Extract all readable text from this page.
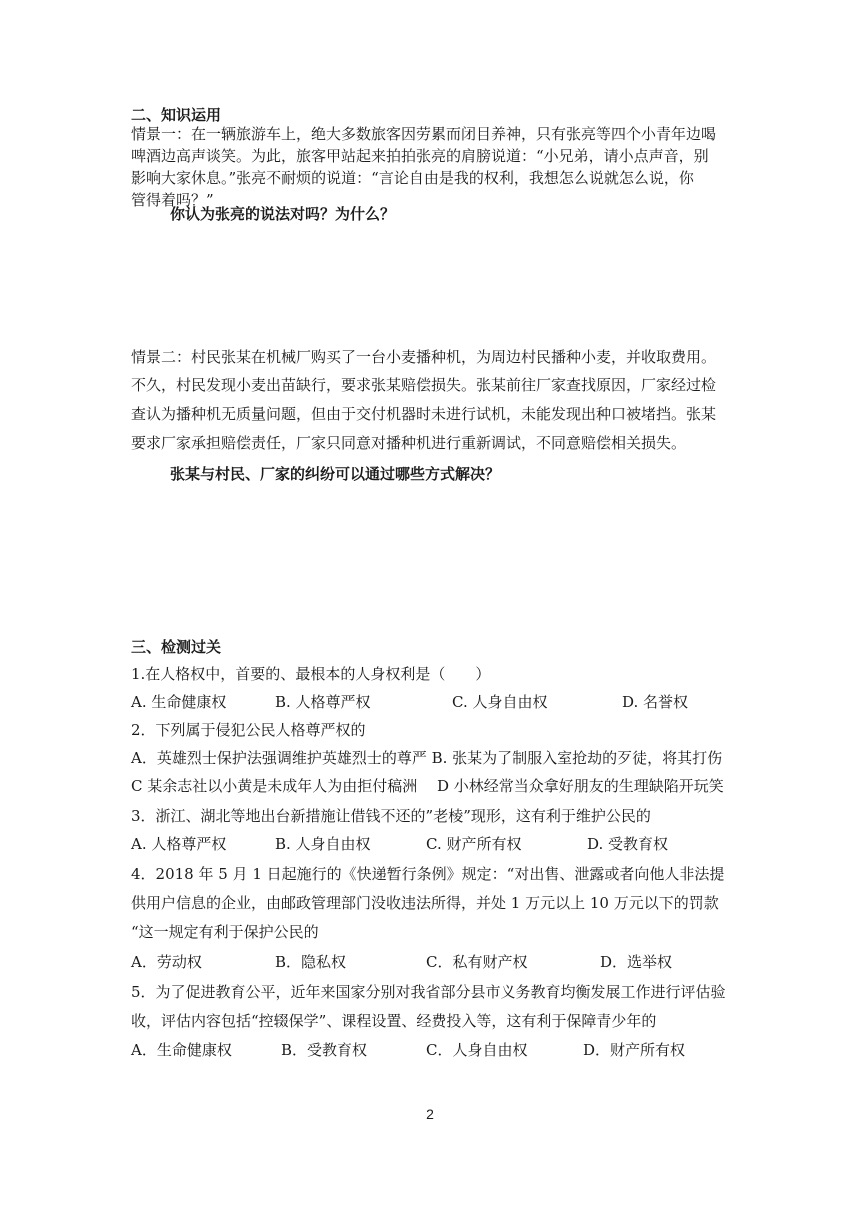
二、知识运用
情景一：在一辆旅游车上，绝大多数旅客因劳累而闭目养神，只有张亮等四个小青年边喝
啤酒边高声谈笑。为此，旅客甲站起来拍拍张亮的肩膀说道：“小兄弟，请小点声音，别
影响大家休息。”张亮不耐烦的说道：“言论自由是我的权利，我想怎么说就怎么说，你
管得着吗？”
你认为张亮的说法对吗？为什么？
情景二：村民张某在机械厂购买了一台小麦播种机，为周边村民播种小麦，并收取费用。
不久，村民发现小麦出苗缺行，要求张某赔偿损失。张某前往厂家查找原因，厂家经过检
查认为播种机无质量问题，但由于交付机器时未进行试机，未能发现出种口被堵挡。张某
要求厂家承担赔偿责任，厂家只同意对播种机进行重新调试，不同意赔偿相关损失。
张某与村民、厂家的纠纷可以通过哪些方式解决？
三、检测过关
1.在人格权中，首要的、最根本的人身权利是（　　）
A. 生命健康权	B. 人格尊严权	C. 人身自由权	D. 名誉权
2．下列属于侵犯公民人格尊严权的
A．英雄烈士保护法强调维护英雄烈士的尊严 B. 张某为了制服入室抢劫的歹徒，将其打伤
C 某余志社以小黄是未成年人为由拒付稿洲　 D 小林经常当众拿好朋友的生理缺陷开玩笑
3．浙江、湖北等地出台新措施让借钱不还的”老棱”现形，这有利于维护公民的
A. 人格尊严权	B. 人身自由权	C. 财产所有权	D. 受教育权
4．2018 年 5 月 1 日起施行的《快递暂行条例》规定：“对出售、泄露或者向他人非法提
供用户信息的企业，由邮政管理部门没收违法所得，并处 1 万元以上 10 万元以下的罚款
“这一规定有利于保护公民的
A．劳动权	B．隐私权	C．私有财产权	D．选举权
5．为了促进教育公平，近年来国家分别对我省部分县市义务教育均衡发展工作进行评估验
收，评估内容包括“控辍保学”、课程设置、经费投入等，这有利于保障青少年的
A．生命健康权	B．受教育权	C．人身自由权	D．财产所有权
2
